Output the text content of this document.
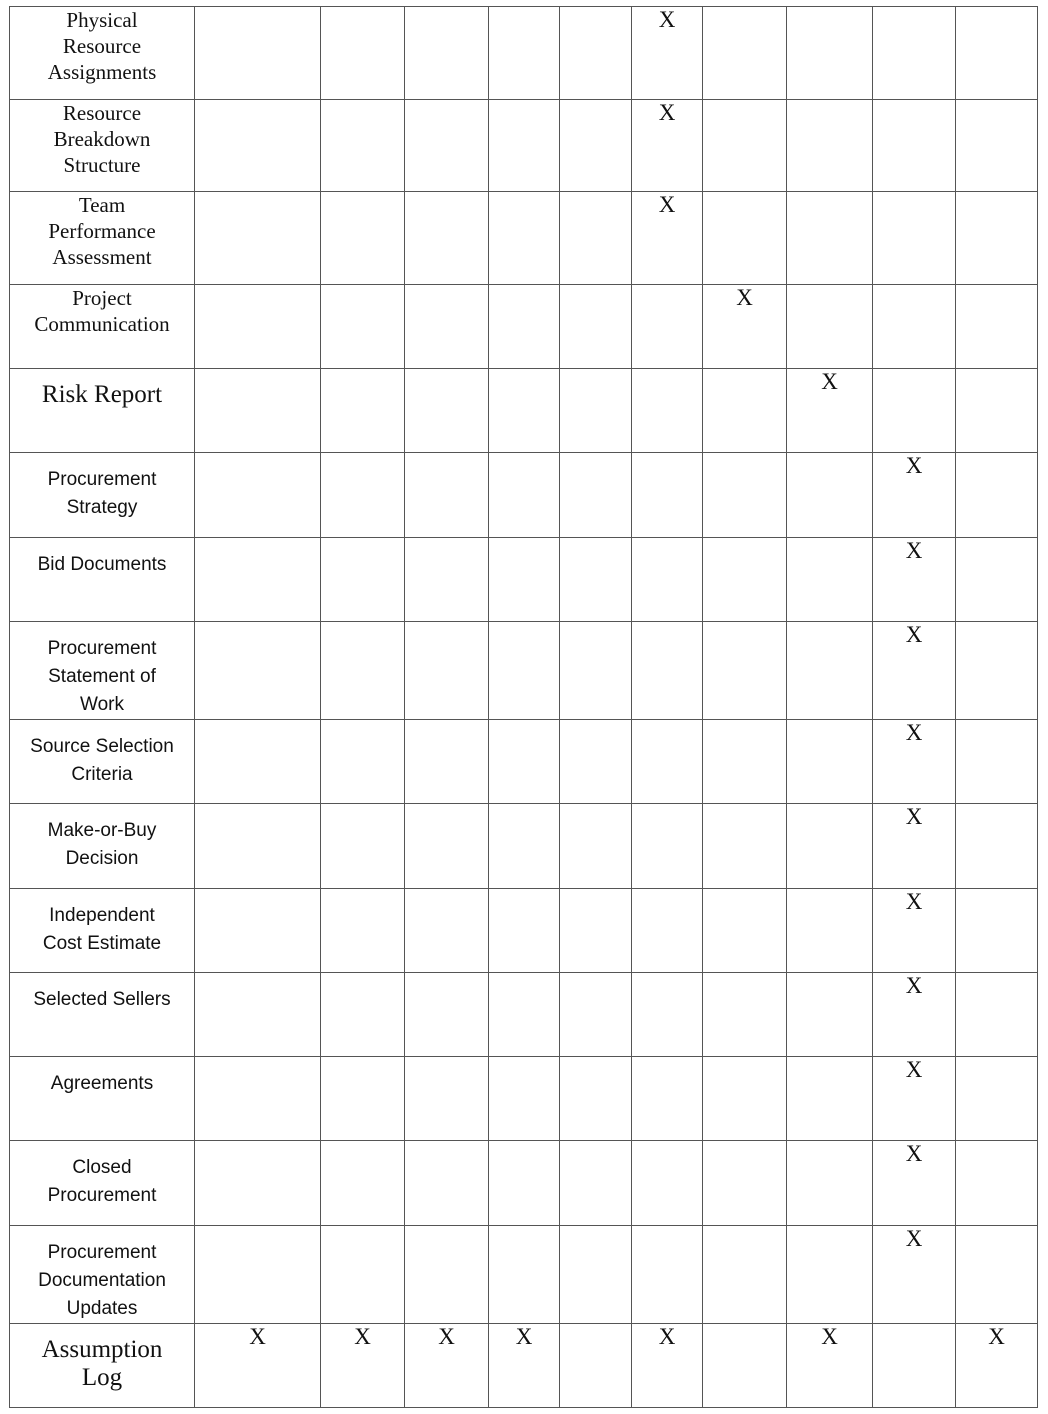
Physical Resource Assignments						X				
Resource Breakdown Structure						X				
Team Performance Assessment						X				
Project Communication							X			
Risk Report								X		
Procurement Strategy									X	
Bid Documents									X	
Procurement Statement of Work									X	
Source Selection Criteria									X	
Make-or-Buy Decision									X	
Independent Cost Estimate									X	
Selected Sellers									X	
Agreements									X	
Closed Procurement									X	
Procurement Documentation Updates									X	
Assumption Log	X	X	X	X		X		X		X
